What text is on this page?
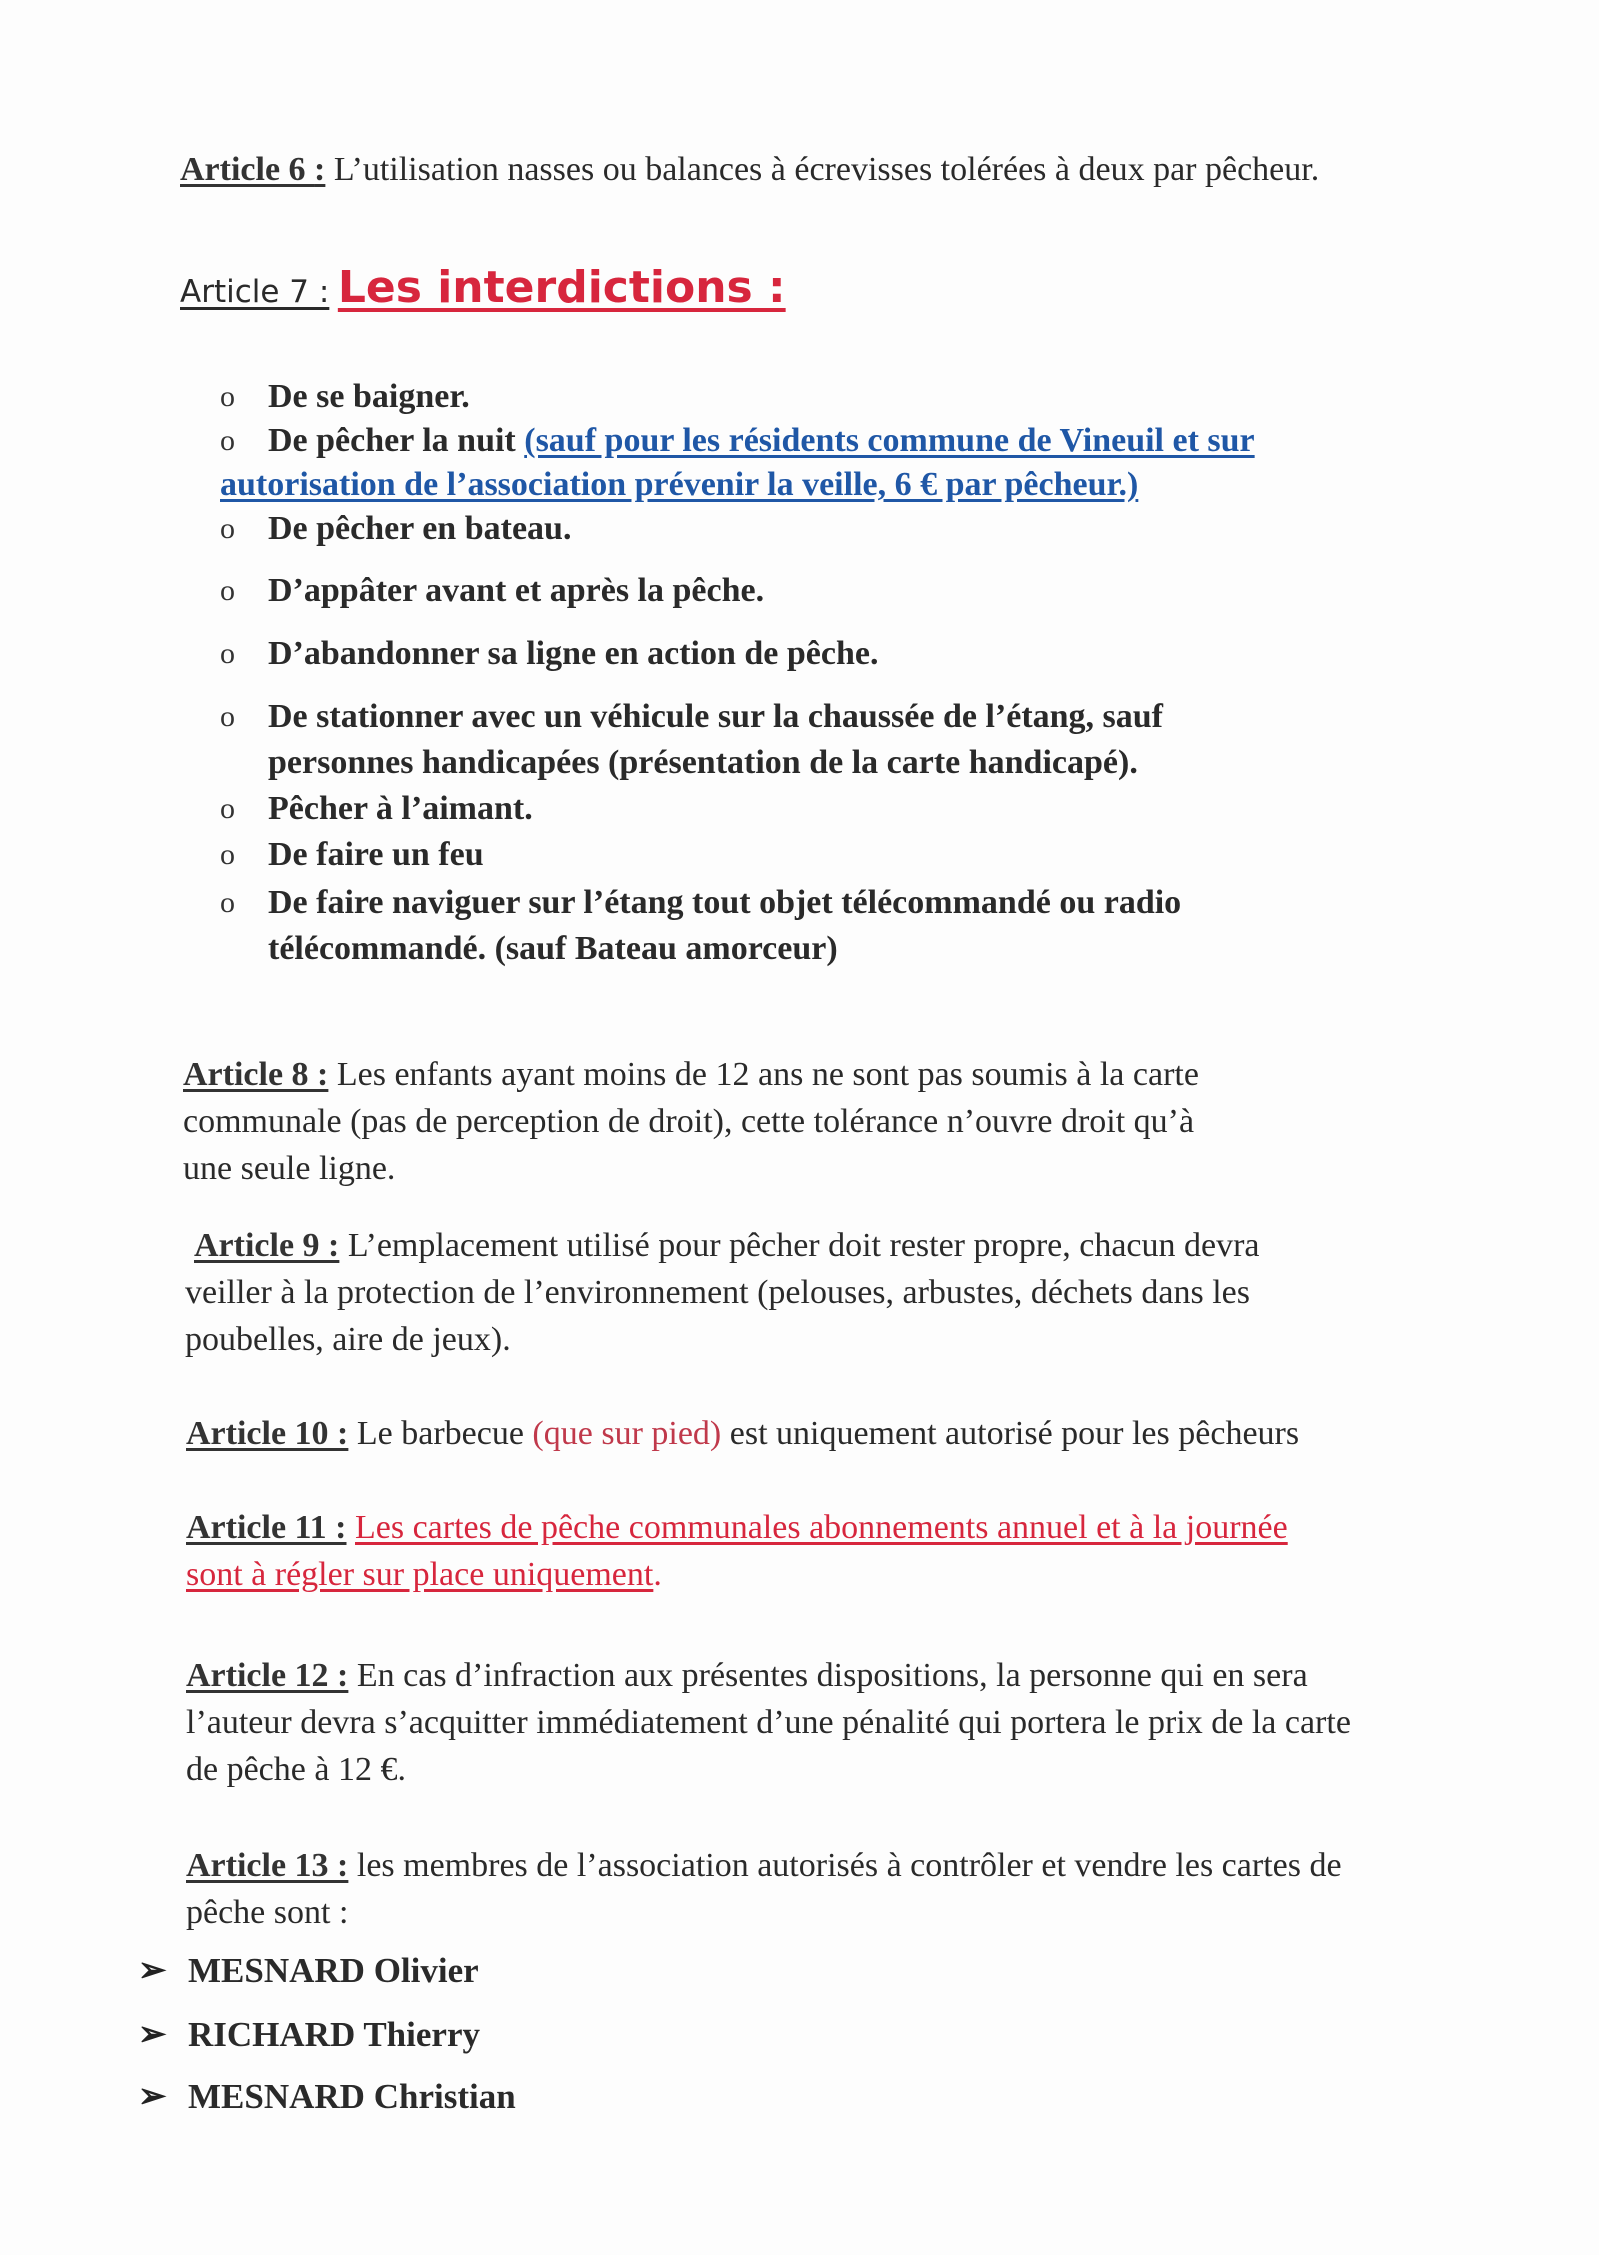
Article 6 : L’utilisation nasses ou balances à écrevisses tolérées à deux par pêcheur.
Article 7 : Les interdictions :
o De se baigner.
o De pêcher la nuit (sauf pour les résidents commune de Vineuil et sur
autorisation de l’association prévenir la veille, 6 € par pêcheur.)
o De pêcher en bateau.
o D’appâter avant et après la pêche.
o D’abandonner sa ligne en action de pêche.
o De stationner avec un véhicule sur la chaussée de l’étang, sauf
personnes handicapées (présentation de la carte handicapé).
o Pêcher à l’aimant.
o De faire un feu
o De faire naviguer sur l’étang tout objet télécommandé ou radio
télécommandé. (sauf Bateau amorceur)
Article 8 : Les enfants ayant moins de 12 ans ne sont pas soumis à la carte
communale (pas de perception de droit), cette tolérance n’ouvre droit qu’à
une seule ligne.
Article 9 : L’emplacement utilisé pour pêcher doit rester propre, chacun devra
veiller à la protection de l’environnement (pelouses, arbustes, déchets dans les
poubelles, aire de jeux).
Article 10 : Le barbecue (que sur pied) est uniquement autorisé pour les pêcheurs
Article 11 : Les cartes de pêche communales abonnements annuel et à la journée
sont à régler sur place uniquement.
Article 12 : En cas d’infraction aux présentes dispositions, la personne qui en sera
l’auteur devra s’acquitter immédiatement d’une pénalité qui portera le prix de la carte
de pêche à 12 €.
Article 13 : les membres de l’association autorisés à contrôler et vendre les cartes de
pêche sont :
➢ MESNARD Olivier
➢ RICHARD Thierry
➢ MESNARD Christian
